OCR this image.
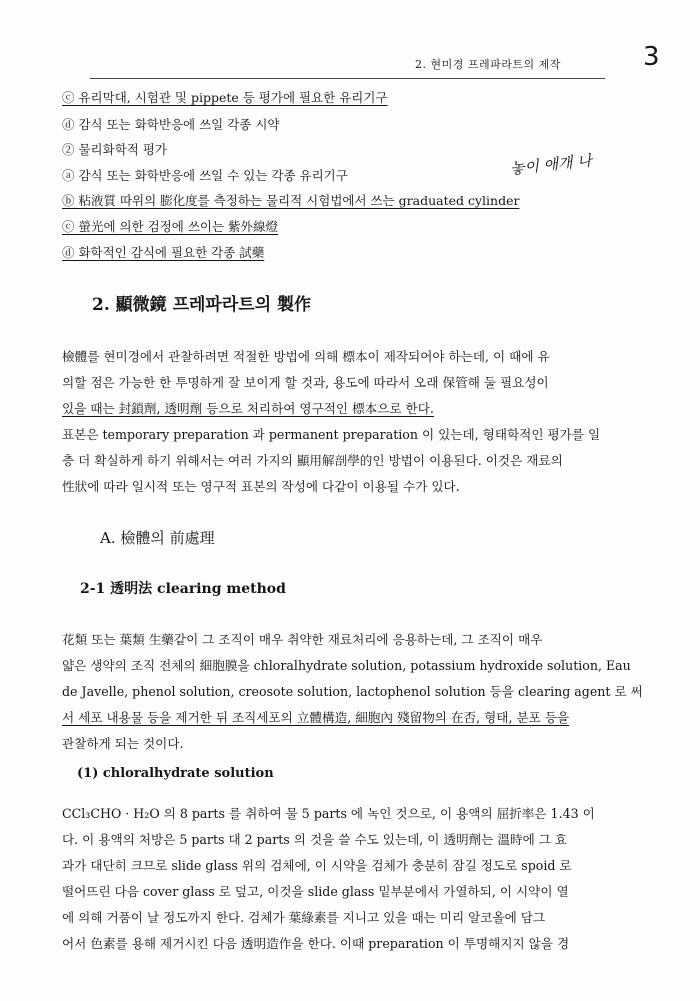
3
2. 현미경 프레파라트의 제작
놓이 애개 나
ⓒ 유리막대, 시험관 및 pippete 등 평가에 필요한 유리기구
ⓓ 감식 또는 화학반응에 쓰일 각종 시약
② 물리화학적 평가
ⓐ 감식 또는 화학반응에 쓰일 수 있는 각종 유리기구
ⓑ 粘液質 따위의 膨化度를 측정하는 물리적 시험법에서 쓰는 graduated cylinder
ⓒ 螢光에 의한 검정에 쓰이는 紫外線燈
ⓓ 화학적인 감식에 필요한 각종 試藥
2. 顯微鏡 프레파라트의 製作
檢體를 현미경에서 관찰하려면 적절한 방법에 의해 標本이 제작되어야 하는데, 이 때에 유
의할 점은 가능한 한 투명하게 잘 보이게 할 것과, 용도에 따라서 오래 保管해 둘 필요성이
있을 때는 封鎖劑, 透明劑 등으로 처리하여 영구적인 標本으로 한다.
표본은 temporary preparation 과 permanent preparation 이 있는데, 형태학적인 평가를 일
층 더 확실하게 하기 위해서는 여러 가지의 顯用解剖學的인 방법이 이용된다. 이것은 재료의
性狀에 따라 일시적 또는 영구적 표본의 작성에 다같이 이용될 수가 있다.
A. 檢體의 前處理
2-1 透明法 clearing method
花類 또는 葉類 生藥같이 그 조직이 매우 취약한 재료처리에 응용하는데, 그 조직이 매우
얇은 생약의 조직 전체의 細胞膜을 chloralhydrate solution, potassium hydroxide solution, Eau
de Javelle, phenol solution, creosote solution, lactophenol solution 등을 clearing agent 로 써
서 세포 내용물 등을 제거한 뒤 조직세포의 立體構造, 細胞內 殘留物의 在否, 형태, 분포 등을
관찰하게 되는 것이다.
(1) chloralhydrate solution
CCl₃CHO · H₂O 의 8 parts 를 취하여 물 5 parts 에 녹인 것으로, 이 용액의 屈折率은 1.43 이
다. 이 용액의 처방은 5 parts 대 2 parts 의 것을 쓸 수도 있는데, 이 透明劑는 溫時에 그 효
과가 대단히 크므로 slide glass 위의 검체에, 이 시약을 검체가 충분히 잠길 정도로 spoid 로
떨어뜨린 다음 cover glass 로 덮고, 이것을 slide glass 밑부분에서 가열하되, 이 시약이 열
에 의해 거품이 날 정도까지 한다. 검체가 葉綠素를 지니고 있을 때는 미리 알코올에 담그
어서 色素를 용해 제거시킨 다음 透明造作을 한다. 이때 preparation 이 투명해지지 않을 경
